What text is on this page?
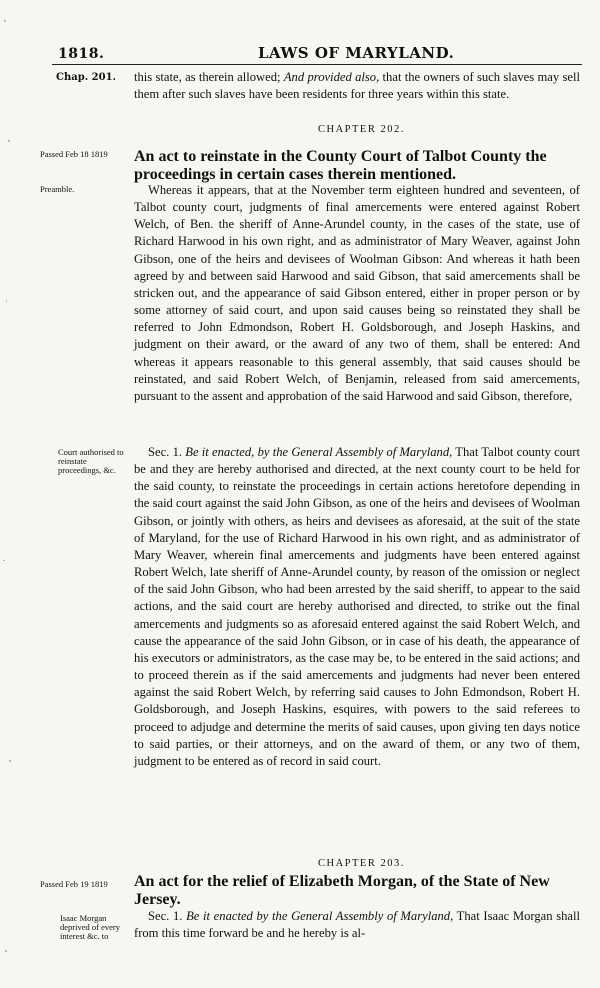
1818.	LAWS OF MARYLAND.
Chap. 201. this state, as therein allowed; And provided also, that the owners of such slaves may sell them after such slaves have been residents for three years within this state.
CHAPTER 202.
Passed Feb 18 1819	An act to reinstate in the County Court of Talbot County the proceedings in certain cases therein mentioned.
Preamble.	Whereas it appears, that at the November term eighteen hundred and seventeen, of Talbot county court, judgments of final amercements were entered against Robert Welch, of Ben. the sheriff of Anne-Arundel county, in the cases of the state, use of Richard Harwood in his own right, and as administrator of Mary Weaver, against John Gibson, one of the heirs and devisees of Woolman Gibson: And whereas it hath been agreed by and between said Harwood and said Gibson, that said amercements shall be stricken out, and the appearance of said Gibson entered, either in proper person or by some attorney of said court, and upon said causes being so reinstated they shall be referred to John Edmondson, Robert H. Goldsborough, and Joseph Haskins, and judgment on their award, or the award of any two of them, shall be entered: And whereas it appears reasonable to this general assembly, that said causes should be reinstated, and said Robert Welch, of Benjamin, released from said amercements, pursuant to the assent and approbation of the said Harwood and said Gibson, therefore,
Court authorised to reinstate proceedings, &c.
Sec. 1. Be it enacted, by the General Assembly of Maryland, That Talbot county court be and they are hereby authorised and directed, at the next county court to be held for the said county, to reinstate the proceedings in certain actions heretofore depending in the said court against the said John Gibson, as one of the heirs and devisees of Woolman Gibson, or jointly with others, as heirs and devisees as aforesaid, at the suit of the state of Maryland, for the use of Richard Harwood in his own right, and as administrator of Mary Weaver, wherein final amercements and judgments have been entered against Robert Welch, late sheriff of Anne-Arundel county, by reason of the omission or neglect of the said John Gibson, who had been arrested by the said sheriff, to appear to the said actions, and the said court are hereby authorised and directed, to strike out the final amercements and judgments so as aforesaid entered against the said Robert Welch, and cause the appearance of the said John Gibson, or in case of his death, the appearance of his executors or administrators, as the case may be, to be entered in the said actions; and to proceed therein as if the said amercements and judgments had never been entered against the said Robert Welch, by referring said causes to John Edmondson, Robert H. Goldsborough, and Joseph Haskins, esquires, with powers to the said referees to proceed to adjudge and determine the merits of said causes, upon giving ten days notice to said parties, or their attorneys, and on the award of them, or any two of them, judgment to be entered as of record in said court.
CHAPTER 203.
Passed Feb 19 1819	An act for the relief of Elizabeth Morgan, of the State of New Jersey.
Isaac Morgan deprived of every interest &c. to
Sec. 1. Be it enacted by the General Assembly of Maryland, That Isaac Morgan shall from this time forward be and he hereby is al-
